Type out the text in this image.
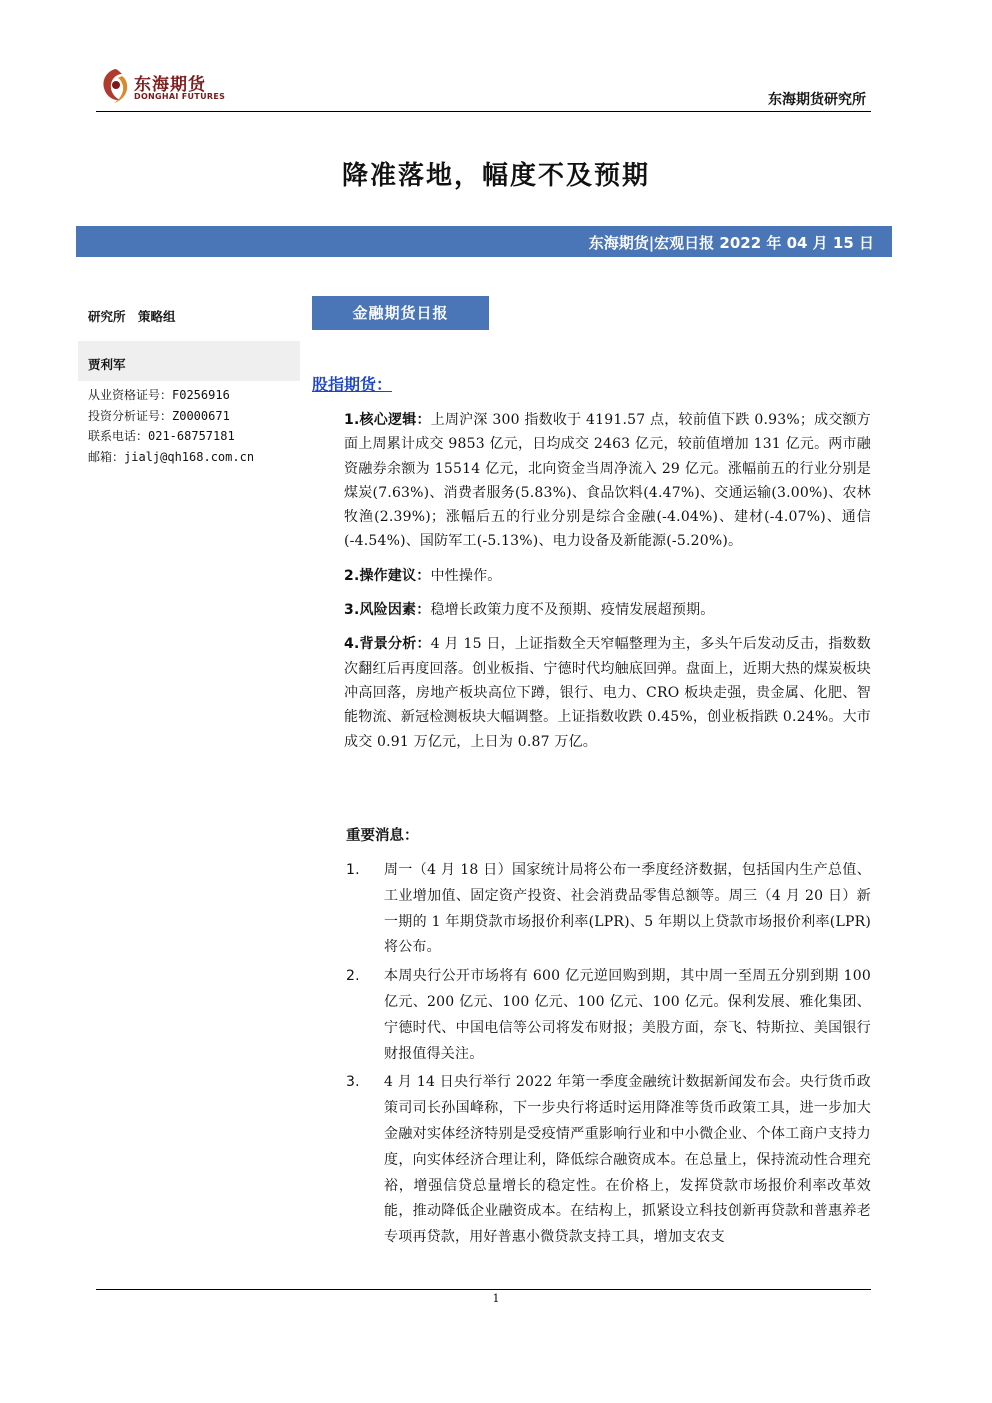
东海期货
DONGHAI FUTURES	东海期货研究所
降准落地，幅度不及预期
东海期货|宏观日报 2022 年 04 月 15 日
研究所　策略组
贾利军
从业资格证号：F0256916
投资分析证号：Z0000671
联系电话：021-68757181
邮箱：jialj@qh168.com.cn
金融期货日报
股指期货：

1.核心逻辑：上周沪深 300 指数收于 4191.57 点，较前值下跌 0.93%；成交额方面上周累计成交 9853 亿元，日均成交 2463 亿元，较前值增加 131 亿元。两市融资融券余额为 15514 亿元，北向资金当周净流入 29 亿元。涨幅前五的行业分别是煤炭(7.63%)、消费者服务(5.83%)、食品饮料(4.47%)、交通运输(3.00%)、农林牧渔(2.39%)；涨幅后五的行业分别是综合金融(-4.04%)、建材(-4.07%)、通信(-4.54%)、国防军工(-5.13%)、电力设备及新能源(-5.20%)。

2.操作建议：中性操作。

3.风险因素：稳增长政策力度不及预期、疫情发展超预期。

4.背景分析：4 月 15 日，上证指数全天窄幅整理为主，多头午后发动反击，指数数次翻红后再度回落。创业板指、宁德时代均触底回弹。盘面上，近期大热的煤炭板块冲高回落，房地产板块高位下蹲，银行、电力、CRO 板块走强，贵金属、化肥、智能物流、新冠检测板块大幅调整。上证指数收跌 0.45%，创业板指跌 0.24%。大市成交 0.91 万亿元，上日为 0.87 万亿。

重要消息：
1. 周一（4 月 18 日）国家统计局将公布一季度经济数据，包括国内生产总值、工业增加值、固定资产投资、社会消费品零售总额等。周三（4 月 20 日）新一期的 1 年期贷款市场报价利率(LPR)、5 年期以上贷款市场报价利率(LPR)将公布。
2. 本周央行公开市场将有 600 亿元逆回购到期，其中周一至周五分别到期 100 亿元、200 亿元、100 亿元、100 亿元、100 亿元。保利发展、雅化集团、宁德时代、中国电信等公司将发布财报；美股方面，奈飞、特斯拉、美国银行财报值得关注。
3. 4 月 14 日央行举行 2022 年第一季度金融统计数据新闻发布会。央行货币政策司司长孙国峰称，下一步央行将适时运用降准等货币政策工具，进一步加大金融对实体经济特别是受疫情严重影响行业和中小微企业、个体工商户支持力度，向实体经济合理让利，降低综合融资成本。在总量上，保持流动性合理充裕，增强信贷总量增长的稳定性。在价格上，发挥贷款市场报价利率改革效能，推动降低企业融资成本。在结构上，抓紧设立科技创新再贷款和普惠养老专项再贷款，用好普惠小微贷款支持工具，增加支农支
1
